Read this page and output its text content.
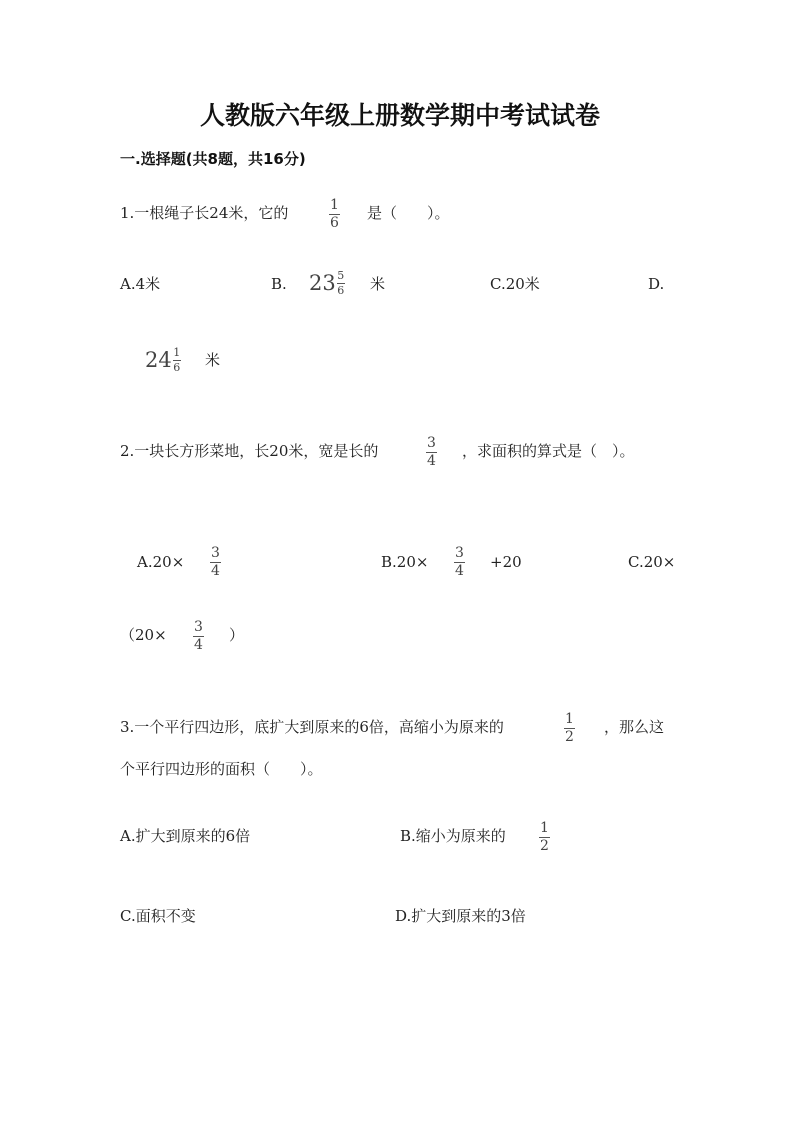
人教版六年级上册数学期中考试试卷
一.选择题(共8题，共16分)
1.一根绳子长24米，它的	1
6
是（　　）。
A.4米	B. 23 5
6 米	C.20米	D.
24 1
6 米
2.一块长方形菜地，长20米，宽是长的	3
4
，求面积的算式是（　）。
A.20× 3
4	B.20× 3
4 +20	C.20×
（20× 3
4
）
3.一个平行四边形，底扩大到原来的6倍，高缩小为原来的	1
2
，那么这
个平行四边形的面积（　　）。
A.扩大到原来的6倍	B.缩小为原来的 1
2
C.面积不变	D.扩大到原来的3倍
